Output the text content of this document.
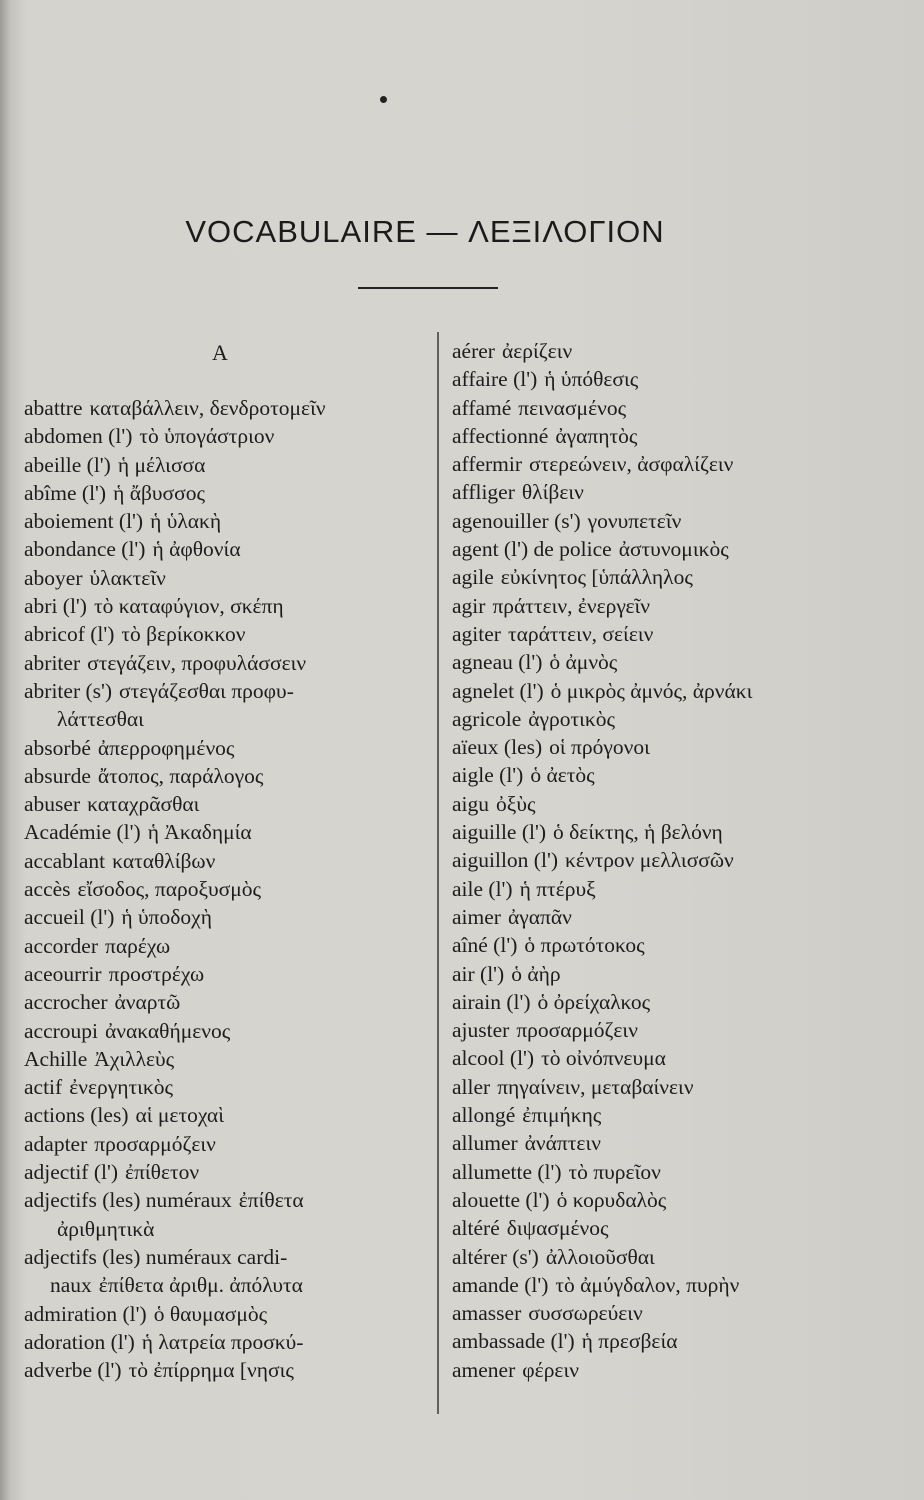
VOCABULAIRE — ΛΕΞΙΛΟΓΙΟΝ
A
abattre καταβάλλειν, δενδροτομεῖν
abdomen (l') τὸ ὑπογάστριον
abeille (l') ἡ μέλισσα
abîme (l') ἡ ἄβυσσος
aboiement (l') ἡ ὑλακὴ
abondance (l') ἡ ἀφθονία
aboyer ὑλακτεῖν
abri (l') τὸ καταφύγιον, σκέπη
abricof (l') τὸ βερίκοκκον
abriter στεγάζειν, προφυλάσσειν
abriter (s') στεγάζεσθαι προφυ-
λάττεσθαι
absorbé ἀπερροφημένος
absurde ἄτοπος, παράλογος
abuser καταχρᾶσθαι
Académie (l') ἡ Ἀκαδημία
accablant καταθλίβων
accès εἴσοδος, παροξυσμὸς
accueil (l') ἡ ὑποδοχὴ
accorder παρέχω
aceourrir προστρέχω
accrocher ἀναρτῶ
accroupi ἀνακαθήμενος
Achille Ἀχιλλεὺς
actif ἐνεργητικὸς
actions (les) αἱ μετοχαὶ
adapter προσαρμόζειν
adjectif (l') ἐπίθετον
adjectifs (les) numéraux ἐπίθετα
ἀριθμητικὰ
adjectifs (les) numéraux cardi-
naux ἐπίθετα ἀριθμ. ἀπόλυτα
admiration (l') ὁ θαυμασμὸς
adoration (l') ἡ λατρεία προσκύ-
adverbe (l') τὸ ἐπίρρημα [νησις
aérer ἀερίζειν
affaire (l') ἡ ὑπόθεσις
affamé πεινασμένος
affectionné ἀγαπητὸς
affermir στερεώνειν, ἀσφαλίζειν
affliger θλίβειν
agenouiller (s') γονυπετεῖν
agent (l') de police ἀστυνομικὸς
agile εὐκίνητος [ὑπάλληλος
agir πράττειν, ἐνεργεῖν
agiter ταράττειν, σείειν
agneau (l') ὁ ἀμνὸς
agnelet (l') ὁ μικρὸς ἀμνός, ἀρνάκι
agricole ἀγροτικὸς
aïeux (les) οἱ πρόγονοι
aigle (l') ὁ ἀετὸς
aigu ὀξὺς
aiguille (l') ὁ δείκτης, ἡ βελόνη
aiguillon (l') κέντρον μελλισσῶν
aile (l') ἡ πτέρυξ
aimer ἀγαπᾶν
aîné (l') ὁ πρωτότοκος
air (l') ὁ ἀὴρ
airain (l') ὁ ὀρείχαλκος
ajuster προσαρμόζειν
alcool (l') τὸ οἰνόπνευμα
aller πηγαίνειν, μεταβαίνειν
allongé ἐπιμήκης
allumer ἀνάπτειν
allumette (l') τὸ πυρεῖον
alouette (l') ὁ κορυδαλὸς
altéré διψασμένος
altérer (s') ἀλλοιοῦσθαι
amande (l') τὸ ἀμύγδαλον, πυρὴν
amasser συσσωρεύειν
ambassade (l') ἡ πρεσβεία
amener φέρειν
